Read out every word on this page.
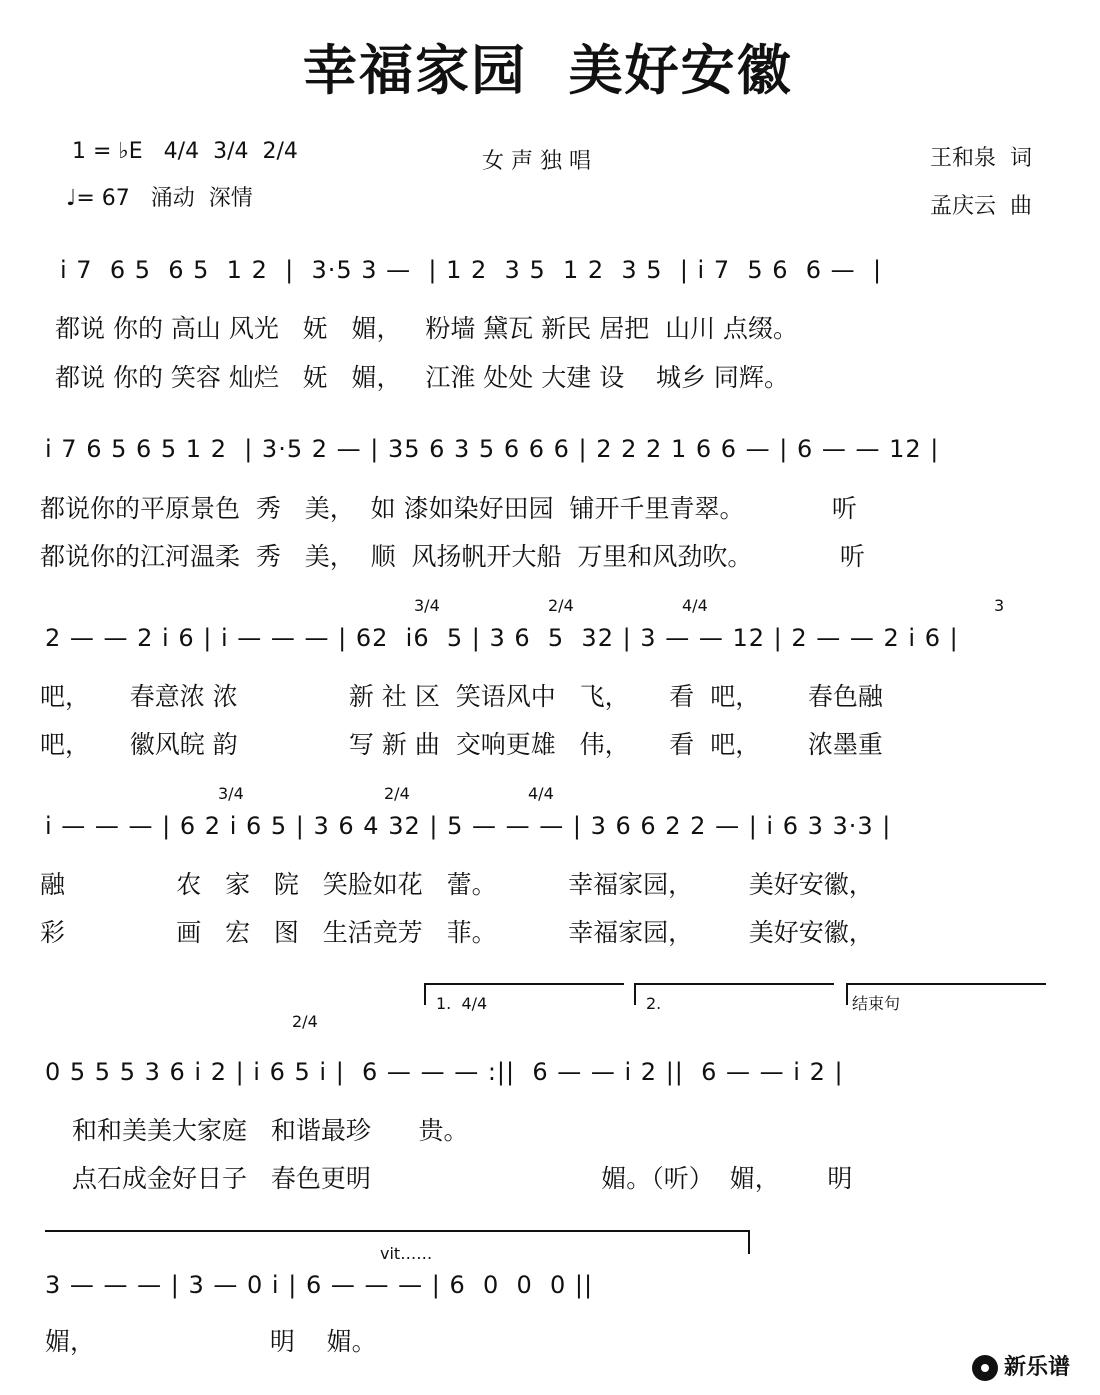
幸福家园  美好安徽
1 = ♭E   4/4  3/4  2/4
♩= 67   涌动  深情
女 声 独 唱	王和泉  词
孟庆云  曲
i 7  6 5  6 5  1 2  |  3·5 3 —  | 1 2  3 5  1 2  3 5  | i 7  5 6  6 —  |
都说 你的 高山 风光   妩   媚，   粉墙 黛瓦 新民 居把  山川 点缀。
都说 你的 笑容 灿烂   妩   媚，   江淮 处处 大建 设    城乡 同辉。
i 7 6 5 6 5 1 2  | 3·5 2 — | 35 6 3 5 6 6 6 | 2 2 2 1 6 6 — | 6 — — 12 |
都说你的平原景色  秀   美，  如 漆如染好田园  铺开千里青翠。           听
都说你的江河温柔  秀   美，  顺  风扬帆开大船  万里和风劲吹。           听
3/4	2/4	4/4	3
2 — — 2 i 6 | i — — — | 62  i6  5 | 3 6  5  32 | 3 — — 12 | 2 — — 2 i 6 |
吧，     春意浓 浓              新 社 区  笑语风中   飞，     看  吧，      春色融
吧，     徽风皖 韵              写 新 曲  交响更雄   伟，     看  吧，      浓墨重
3/4	2/4	4/4
i — — — | 6 2 i 6 5 | 3 6 4 32 | 5 — — — | 3 6 6 2 2 — | i 6 3 3·3 |
融              农   家   院   笑脸如花   蕾。         幸福家园，       美好安徽，
彩              画   宏   图   生活竞芳   菲。         幸福家园，       美好安徽，
1.  4/4	2.	结束句
2/4
0 5 5 5 3 6 i 2 | i 6 5 i |  6 — — — :||  6 — — i 2 ||  6 — — i 2 |
和和美美大家庭   和谐最珍      贵。
点石成金好日子   春色更明                             媚。（听）  媚，      明
vit……
3 — — — | 3 — 0 i | 6 — — — | 6  0  0  0 ||
媚，                      明    媚。
新乐谱
